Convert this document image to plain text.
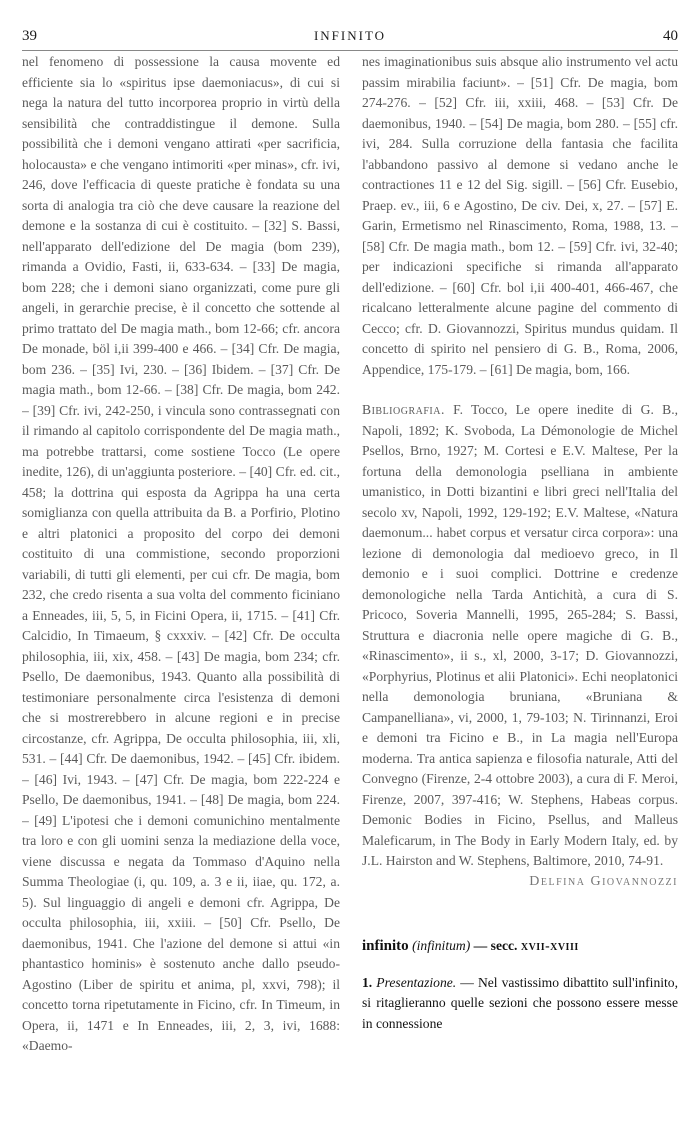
39	INFINITO	40

nel fenomeno di possessione la causa movente ed efficiente sia lo «spiritus ipse daemoniacus», di cui si nega la natura del tutto incorporea proprio in virtù della sensibilità che contraddistingue il demone. Sulla possibilità che i demoni vengano attirati «per sacrificia, holocausta» e che vengano intimoriti «per minas», cfr. ivi, 246, dove l'efficacia di queste pratiche è fondata su una sorta di analogia tra ciò che deve causare la reazione del demone e la sostanza di cui è costituito. – [32] S. Bassi, nell'apparato dell'edizione del De magia (bom 239), rimanda a Ovidio, Fasti, ii, 633-634. – [33] De magia, bom 228; che i demoni siano organizzati, come pure gli angeli, in gerarchie precise, è il concetto che sottende al primo trattato del De magia math., bom 12-66; cfr. ancora De monade, böl i,ii 399-400 e 466. – [34] Cfr. De magia, bom 236. – [35] Ivi, 230. – [36] Ibidem. – [37] Cfr. De magia math., bom 12-66. – [38] Cfr. De magia, bom 242. – [39] Cfr. ivi, 242-250, i vincula sono contrassegnati con il rimando al capitolo corrispondente del De magia math., ma potrebbe trattarsi, come sostiene Tocco (Le opere inedite, 126), di un'aggiunta posteriore. – [40] Cfr. ed. cit., 458; la dottrina qui esposta da Agrippa ha una certa somiglianza con quella attribuita da B. a Porfirio, Plotino e altri platonici a proposito del corpo dei demoni costituito di una commistione, secondo proporzioni variabili, di tutti gli elementi, per cui cfr. De magia, bom 232, che credo risenta a sua volta del commento ficiniano a Enneades, iii, 5, 5, in Ficini Opera, ii, 1715. – [41] Cfr. Calcidio, In Timaeum, § cxxxiv. – [42] Cfr. De occulta philosophia, iii, xix, 458. – [43] De magia, bom 234; cfr. Psello, De daemonibus, 1943. Quanto alla possibilità di testimoniare personalmente circa l'esistenza di demoni che si mostrerebbero in alcune regioni e in precise circostanze, cfr. Agrippa, De occulta philosophia, iii, xli, 531. – [44] Cfr. De daemonibus, 1942. – [45] Cfr. ibidem. – [46] Ivi, 1943. – [47] Cfr. De magia, bom 222-224 e Psello, De daemonibus, 1941. – [48] De magia, bom 224. – [49] L'ipotesi che i demoni comunichino mentalmente tra loro e con gli uomini senza la mediazione della voce, viene discussa e negata da Tommaso d'Aquino nella Summa Theologiae (i, qu. 109, a. 3 e ii, iiae, qu. 172, a. 5). Sul linguaggio di angeli e demoni cfr. Agrippa, De occulta philosophia, iii, xxiii. – [50] Cfr. Psello, De daemonibus, 1941. Che l'azione del demone si attui «in phantastico hominis» è sostenuto anche dallo pseudo-Agostino (Liber de spiritu et anima, pl, xxvi, 798); il concetto torna ripetutamente in Ficino, cfr. In Timeum, in Opera, ii, 1471 e In Enneades, iii, 2, 3, ivi, 1688: «Daemo-

nes imaginationibus suis absque alio instrumento vel actu passim mirabilia faciunt». – [51] Cfr. De magia, bom 274-276. – [52] Cfr. iii, xxiii, 468. – [53] Cfr. De daemonibus, 1940. – [54] De magia, bom 280. – [55] cfr. ivi, 284. Sulla corruzione della fantasia che facilita l'abbandono passivo al demone si vedano anche le contractiones 11 e 12 del Sig. sigill. – [56] Cfr. Eusebio, Praep. ev., iii, 6 e Agostino, De civ. Dei, x, 27. – [57] E. Garin, Ermetismo nel Rinascimento, Roma, 1988, 13. – [58] Cfr. De magia math., bom 12. – [59] Cfr. ivi, 32-40; per indicazioni specifiche si rimanda all'apparato dell'edizione. – [60] Cfr. bol i,ii 400-401, 466-467, che ricalcano letteralmente alcune pagine del commento di Cecco; cfr. D. Giovannozzi, Spiritus mundus quidam. Il concetto di spirito nel pensiero di G. B., Roma, 2006, Appendice, 175-179. – [61] De magia, bom, 166.

Bibliografia. F. Tocco, Le opere inedite di G. B., Napoli, 1892; K. Svoboda, La Démonologie de Michel Psellos, Brno, 1927; M. Cortesi e E.V. Maltese, Per la fortuna della demonologia pselliana in ambiente umanistico, in Dotti bizantini e libri greci nell'Italia del secolo xv, Napoli, 1992, 129-192; E.V. Maltese, «Natura daemonum... habet corpus et versatur circa corpora»: una lezione di demonologia dal medioevo greco, in Il demonio e i suoi complici. Dottrine e credenze demonologiche nella Tarda Antichità, a cura di S. Pricoco, Soveria Mannelli, 1995, 265-284; S. Bassi, Struttura e diacronia nelle opere magiche di G. B., «Rinascimento», ii s., xl, 2000, 3-17; D. Giovannozzi, «Porphyrius, Plotinus et alii Platonici». Echi neoplatonici nella demonologia bruniana, «Bruniana & Campanelliana», vi, 2000, 1, 79-103; N. Tirinnanzi, Eroi e demoni tra Ficino e B., in La magia nell'Europa moderna. Tra antica sapienza e filosofia naturale, Atti del Convegno (Firenze, 2-4 ottobre 2003), a cura di F. Meroi, Firenze, 2007, 397-416; W. Stephens, Habeas corpus. Demonic Bodies in Ficino, Psellus, and Malleus Maleficarum, in The Body in Early Modern Italy, ed. by J.L. Hairston and W. Stephens, Baltimore, 2010, 74-91.

Delfina Giovannozzi

infinito (infinitum) — secc. xvii-xviii

1. Presentazione. — Nel vastissimo dibattito sull'infinito, si ritaglieranno quelle sezioni che possono essere messe in connessione
